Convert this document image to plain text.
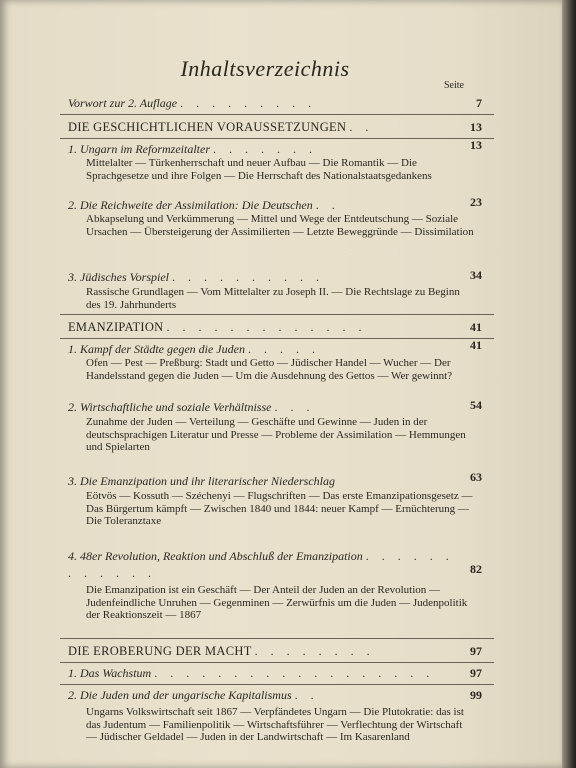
Inhaltsverzeichnis
Seite
Vorwort zur 2. Auflage . . . . . . . . .	7
DIE GESCHICHTLICHEN VORAUSSETZUNGEN . .	13
1. Ungarn im Reformzeitalter . . . . . . .	13
Mittelalter — Türkenherrschaft und neuer Aufbau — Die Romantik — Die Sprachgesetze und ihre Folgen — Die Herrschaft des Nationalstaatsgedankens
2. Die Reichweite der Assimilation: Die Deutschen . .	23
Abkapselung und Verkümmerung — Mittel und Wege der Entdeutschung — Soziale Ursachen — Übersteigerung der Assimilierten — Letzte Beweggründe — Dissimilation
3. Jüdisches Vorspiel . . . . . . . . . .	34
Rassische Grundlagen — Vom Mittelalter zu Joseph II. — Die Rechtslage zu Beginn des 19. Jahrhunderts
EMANZIPATION . . . . . . . . . . . . .	41
1. Kampf der Städte gegen die Juden . . . . .	41
Ofen — Pest — Preßburg: Stadt und Getto — Jüdischer Handel — Wucher — Der Handelsstand gegen die Juden — Um die Ausdehnung des Gettos — Wer gewinnt?
2. Wirtschaftliche und soziale Verhältnisse . . .	54
Zunahme der Juden — Verteilung — Geschäfte und Gewinne — Juden in der deutschsprachigen Literatur und Presse — Probleme der Assimilation — Hemmungen und Spielarten
3. Die Emanzipation und ihr literarischer Niederschlag	63
Eötvös — Kossuth — Széchenyi — Flugschriften — Das erste Emanzipationsgesetz — Das Bürgertum kämpft — Zwischen 1840 und 1844: neuer Kampf — Ernüchterung — Die Toleranztaxe
4. 48er Revolution, Reaktion und Abschluß der Emanzipation . . . . . . . . . . . .	82
Die Emanzipation ist ein Geschäft — Der Anteil der Juden an der Revolution — Judenfeindliche Unruhen — Gegenminen — Zerwürfnis um die Juden — Judenpolitik der Reaktionszeit — 1867
DIE EROBERUNG DER MACHT . . . . . . . .	97
1. Das Wachstum . . . . . . . . . . . . . . . . . .	97
2. Die Juden und der ungarische Kapitalismus . .	99
Ungarns Volkswirtschaft seit 1867 — Verpfändetes Ungarn — Die Plutokratie: das ist das Judentum — Familienpolitik — Wirtschaftsführer — Verflechtung der Wirtschaft — Jüdischer Geldadel — Juden in der Landwirtschaft — Im Kasarenland
